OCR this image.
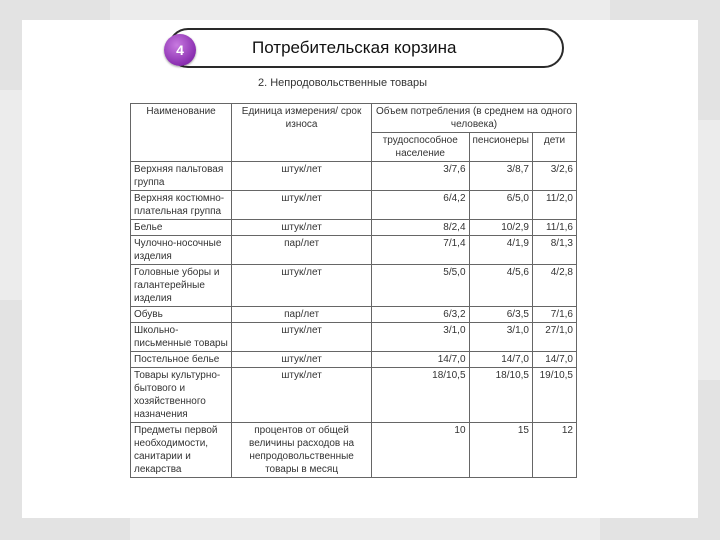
4	Потребительская корзина
2. Непродовольственные товары
Наименование	Единица измерения/ срок износа	Объем потребления (в среднем на одного человека)		
		трудоспособное население	пенсионеры	дети
Верхняя пальтовая группа	штук/лет	3/7,6	3/8,7	3/2,6
Верхняя костюмно-плательная группа	штук/лет	6/4,2	6/5,0	11/2,0
Белье	штук/лет	8/2,4	10/2,9	11/1,6
Чулочно-носочные изделия	пар/лет	7/1,4	4/1,9	8/1,3
Головные уборы и галантерейные изделия	штук/лет	5/5,0	4/5,6	4/2,8
Обувь	пар/лет	6/3,2	6/3,5	7/1,6
Школьно-письменные товары	штук/лет	3/1,0	3/1,0	27/1,0
Постельное белье	штук/лет	14/7,0	14/7,0	14/7,0
Товары культурно-бытового и хозяйственного назначения	штук/лет	18/10,5	18/10,5	19/10,5
Предметы первой необходимости, санитарии и лекарства	процентов от общей величины расходов на непродовольственные товары в месяц	10	15	12
